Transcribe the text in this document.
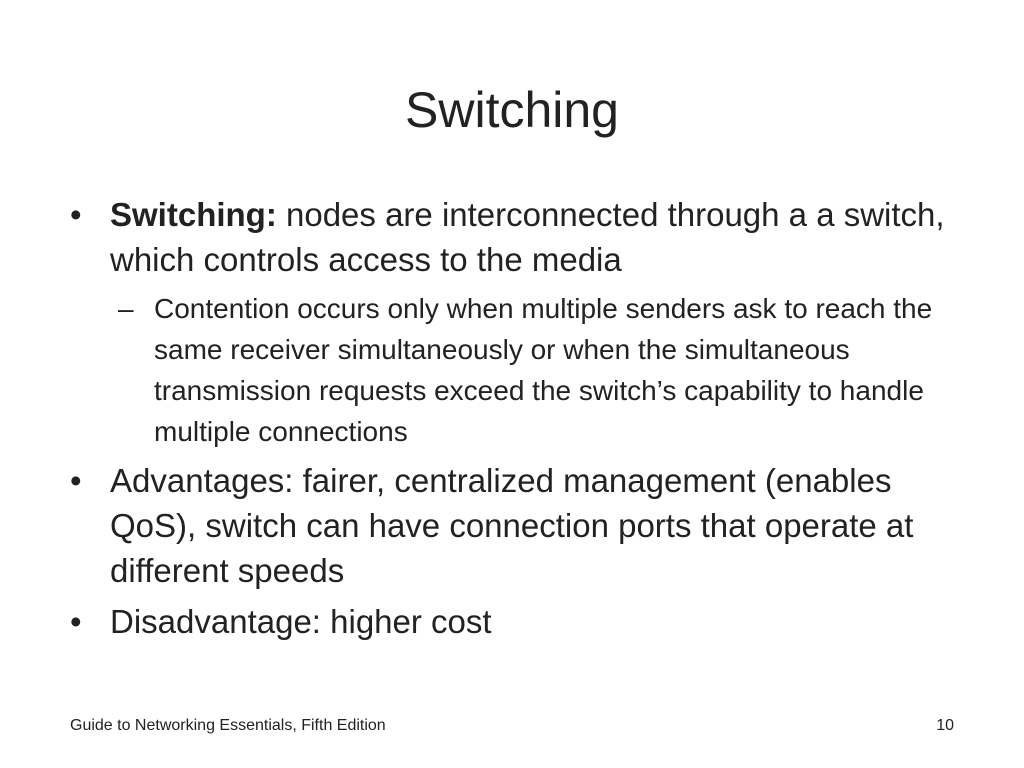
Switching
• Switching: nodes are interconnected through a a switch, which controls access to the media
– Contention occurs only when multiple senders ask to reach the same receiver simultaneously or when the simultaneous transmission requests exceed the switch’s capability to handle multiple connections
• Advantages: fairer, centralized management (enables QoS), switch can have connection ports that operate at different speeds
• Disadvantage: higher cost
Guide to Networking Essentials, Fifth Edition	10
